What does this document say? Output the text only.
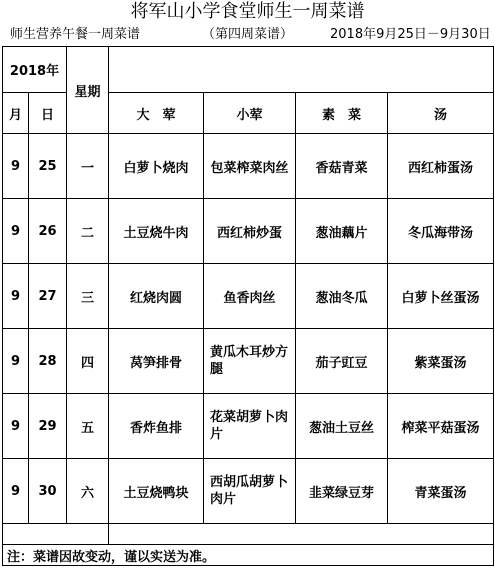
将军山小学食堂师生一周菜谱
师生营养午餐一周菜谱	（第四周菜谱）	2018年9月25日－9月30日
2018年		星期				
月	日		大　荤	小荤	素　菜	汤
9	25	一	白萝卜烧肉	包菜榨菜肉丝	香菇青菜	西红柿蛋汤
9	26	二	土豆烧牛肉	西红柿炒蛋	葱油藕片	冬瓜海带汤
9	27	三	红烧肉圆	鱼香肉丝	葱油冬瓜	白萝卜丝蛋汤
9	28	四	莴笋排骨	黄瓜木耳炒方腿	茄子豇豆	紫菜蛋汤
9	29	五	香炸鱼排	花菜胡萝卜肉片	葱油土豆丝	榨菜平菇蛋汤
9	30	六	土豆烧鸭块	西胡瓜胡萝卜肉片	韭菜绿豆芽	青菜蛋汤

注：菜谱因故变动，谨以实送为准。						
